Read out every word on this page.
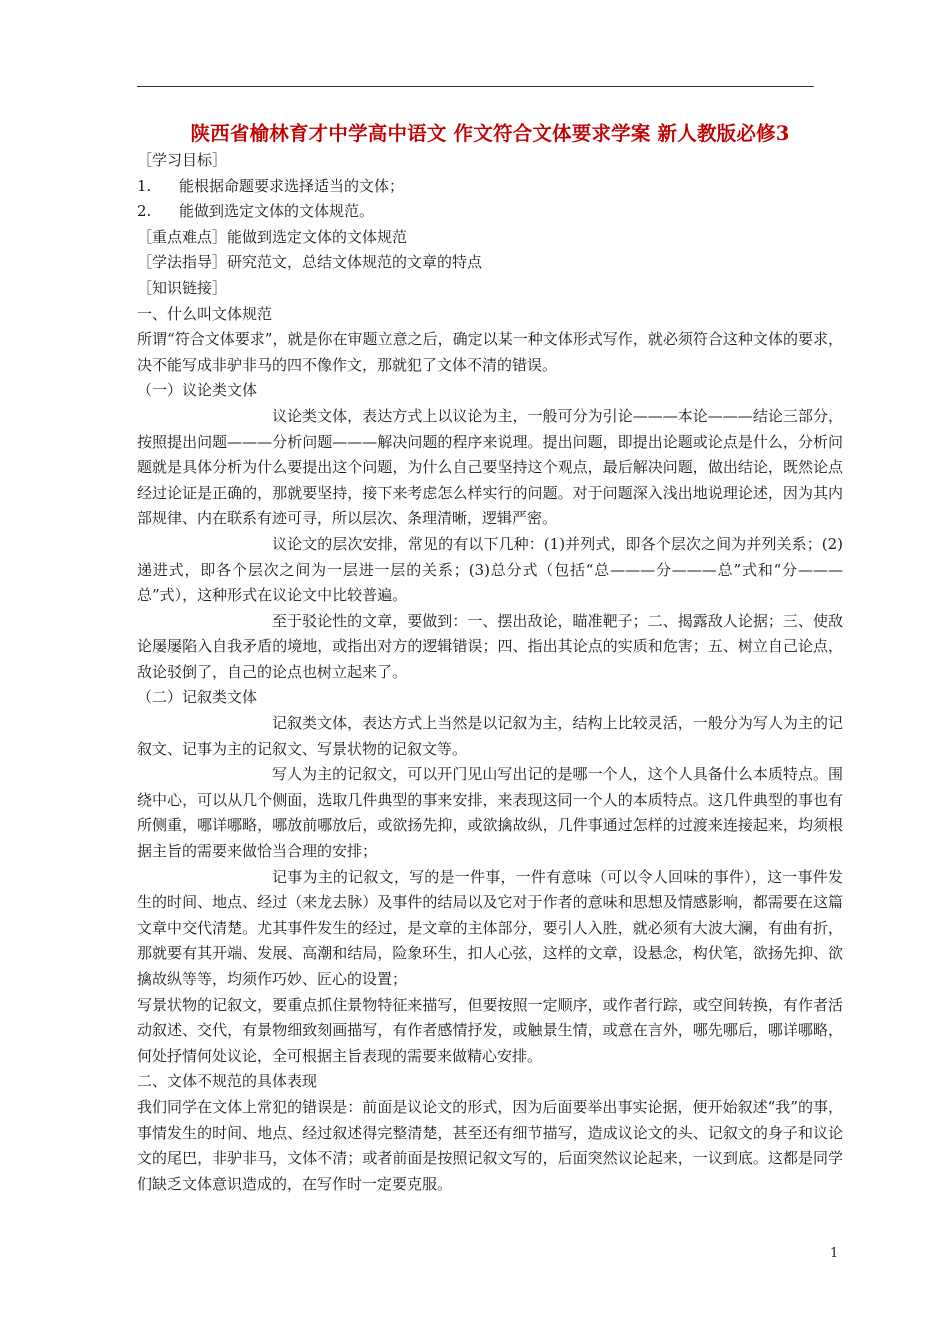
陕西省榆林育才中学高中语文 作文符合文体要求学案 新人教版必修3
［学习目标］
1.	能根据命题要求选择适当的文体；
2.	能做到选定文体的文体规范。
［重点难点］能做到选定文体的文体规范
［学法指导］研究范文，总结文体规范的文章的特点
［知识链接］
一、什么叫文体规范

所谓“符合文体要求”，就是你在审题立意之后，确定以某一种文体形式写作，就必须符合这种文体的要求，决不能写成非驴非马的四不像作文，那就犯了文体不清的错误。

（一）议论类文体

议论类文体，表达方式上以议论为主，一般可分为引论———本论———结论三部分，按照提出问题———分析问题———解决问题的程序来说理。提出问题，即提出论题或论点是什么，分析问题就是具体分析为什么要提出这个问题，为什么自己要坚持这个观点，最后解决问题，做出结论，既然论点经过论证是正确的，那就要坚持，接下来考虑怎么样实行的问题。对于问题深入浅出地说理论述，因为其内部规律、内在联系有迹可寻，所以层次、条理清晰，逻辑严密。

议论文的层次安排，常见的有以下几种：(1)并列式，即各个层次之间为并列关系；(2)递进式，即各个层次之间为一层进一层的关系；(3)总分式（包括“总———分———总”式和“分———总”式），这种形式在议论文中比较普遍。

至于驳论性的文章，要做到：一、摆出敌论，瞄准靶子；二、揭露敌人论据；三、使敌论屡屡陷入自我矛盾的境地，或指出对方的逻辑错误；四、指出其论点的实质和危害；五、树立自己论点，敌论驳倒了，自己的论点也树立起来了。

（二）记叙类文体

记叙类文体，表达方式上当然是以记叙为主，结构上比较灵活，一般分为写人为主的记叙文、记事为主的记叙文、写景状物的记叙文等。

写人为主的记叙文，可以开门见山写出记的是哪一个人，这个人具备什么本质特点。围绕中心，可以从几个侧面，选取几件典型的事来安排，来表现这同一个人的本质特点。这几件典型的事也有所侧重，哪详哪略，哪放前哪放后，或欲扬先抑，或欲擒故纵，几件事通过怎样的过渡来连接起来，均须根据主旨的需要来做恰当合理的安排；

记事为主的记叙文，写的是一件事，一件有意味（可以令人回味的事件），这一事件发生的时间、地点、经过（来龙去脉）及事件的结局以及它对于作者的意味和思想及情感影响，都需要在这篇文章中交代清楚。尤其事件发生的经过，是文章的主体部分，要引人入胜，就必须有大波大澜，有曲有折，那就要有其开端、发展、高潮和结局，险象环生，扣人心弦，这样的文章，设悬念，构伏笔，欲扬先抑、欲擒故纵等等，均须作巧妙、匠心的设置；

写景状物的记叙文，要重点抓住景物特征来描写，但要按照一定顺序，或作者行踪，或空间转换，有作者活动叙述、交代，有景物细致刻画描写，有作者感情抒发，或触景生情，或意在言外，哪先哪后，哪详哪略，何处抒情何处议论，全可根据主旨表现的需要来做精心安排。

二、文体不规范的具体表现

我们同学在文体上常犯的错误是：前面是议论文的形式，因为后面要举出事实论据，便开始叙述“我”的事，事情发生的时间、地点、经过叙述得完整清楚，甚至还有细节描写，造成议论文的头、记叙文的身子和议论文的尾巴，非驴非马，文体不清；或者前面是按照记叙文写的，后面突然议论起来，一议到底。这都是同学们缺乏文体意识造成的，在写作时一定要克服。

1
